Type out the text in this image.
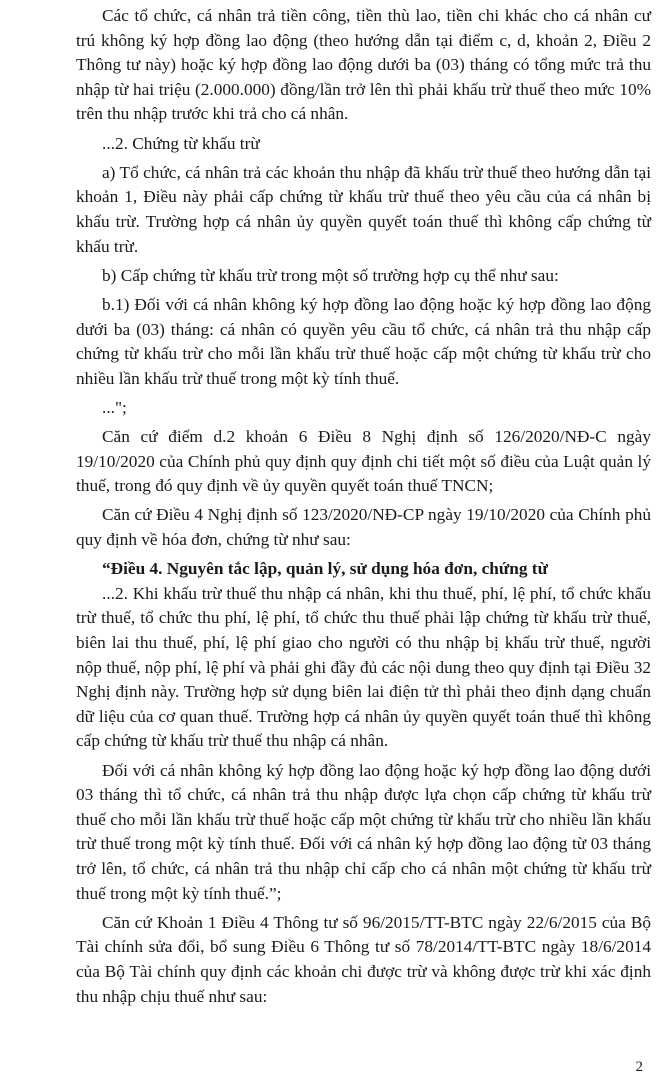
Các tổ chức, cá nhân trả tiền công, tiền thù lao, tiền chi khác cho cá nhân cư trú không ký hợp đồng lao động (theo hướng dẫn tại điểm c, d, khoản 2, Điều 2 Thông tư này) hoặc ký hợp đồng lao động dưới ba (03) tháng có tổng mức trả thu nhập từ hai triệu (2.000.000) đồng/lần trở lên thì phải khấu trừ thuế theo mức 10% trên thu nhập trước khi trả cho cá nhân.

...2. Chứng từ khấu trừ

a) Tổ chức, cá nhân trả các khoản thu nhập đã khấu trừ thuế theo hướng dẫn tại khoản 1, Điều này phải cấp chứng từ khấu trừ thuế theo yêu cầu của cá nhân bị khấu trừ. Trường hợp cá nhân ủy quyền quyết toán thuế thì không cấp chứng từ khấu trừ.

b) Cấp chứng từ khấu trừ trong một số trường hợp cụ thể như sau:

b.1) Đối với cá nhân không ký hợp đồng lao động hoặc ký hợp đồng lao động dưới ba (03) tháng: cá nhân có quyền yêu cầu tổ chức, cá nhân trả thu nhập cấp chứng từ khấu trừ cho mỗi lần khấu trừ thuế hoặc cấp một chứng từ khấu trừ cho nhiều lần khấu trừ thuế trong một kỳ tính thuế.

...";

Căn cứ điểm d.2 khoản 6 Điều 8 Nghị định số 126/2020/NĐ-C ngày 19/10/2020 của Chính phủ quy định quy định chi tiết một số điều của Luật quản lý thuế, trong đó quy định về ủy quyền quyết toán thuế TNCN;

Căn cứ Điều 4 Nghị định số 123/2020/NĐ-CP ngày 19/10/2020 của Chính phủ quy định về hóa đơn, chứng từ như sau:

“Điều 4. Nguyên tắc lập, quản lý, sử dụng hóa đơn, chứng từ

...2. Khi khấu trừ thuế thu nhập cá nhân, khi thu thuế, phí, lệ phí, tổ chức khấu trừ thuế, tổ chức thu phí, lệ phí, tổ chức thu thuế phải lập chứng từ khấu trừ thuế, biên lai thu thuế, phí, lệ phí giao cho người có thu nhập bị khấu trừ thuế, người nộp thuế, nộp phí, lệ phí và phải ghi đầy đủ các nội dung theo quy định tại Điều 32 Nghị định này. Trường hợp sử dụng biên lai điện tử thì phải theo định dạng chuẩn dữ liệu của cơ quan thuế. Trường hợp cá nhân ủy quyền quyết toán thuế thì không cấp chứng từ khấu trừ thuế thu nhập cá nhân.

Đối với cá nhân không ký hợp đồng lao động hoặc ký hợp đồng lao động dưới 03 tháng thì tổ chức, cá nhân trả thu nhập được lựa chọn cấp chứng từ khấu trừ thuế cho mỗi lần khấu trừ thuế hoặc cấp một chứng từ khấu trừ cho nhiều lần khấu trừ thuế trong một kỳ tính thuế. Đối với cá nhân ký hợp đồng lao động từ 03 tháng trở lên, tổ chức, cá nhân trả thu nhập chỉ cấp cho cá nhân một chứng từ khấu trừ thuế trong một kỳ tính thuế.”;

Căn cứ Khoản 1 Điều 4 Thông tư số 96/2015/TT-BTC ngày 22/6/2015 của Bộ Tài chính sửa đổi, bổ sung Điều 6 Thông tư số 78/2014/TT-BTC ngày 18/6/2014 của Bộ Tài chính quy định các khoản chi được trừ và không được trừ khi xác định thu nhập chịu thuế như sau:

2
